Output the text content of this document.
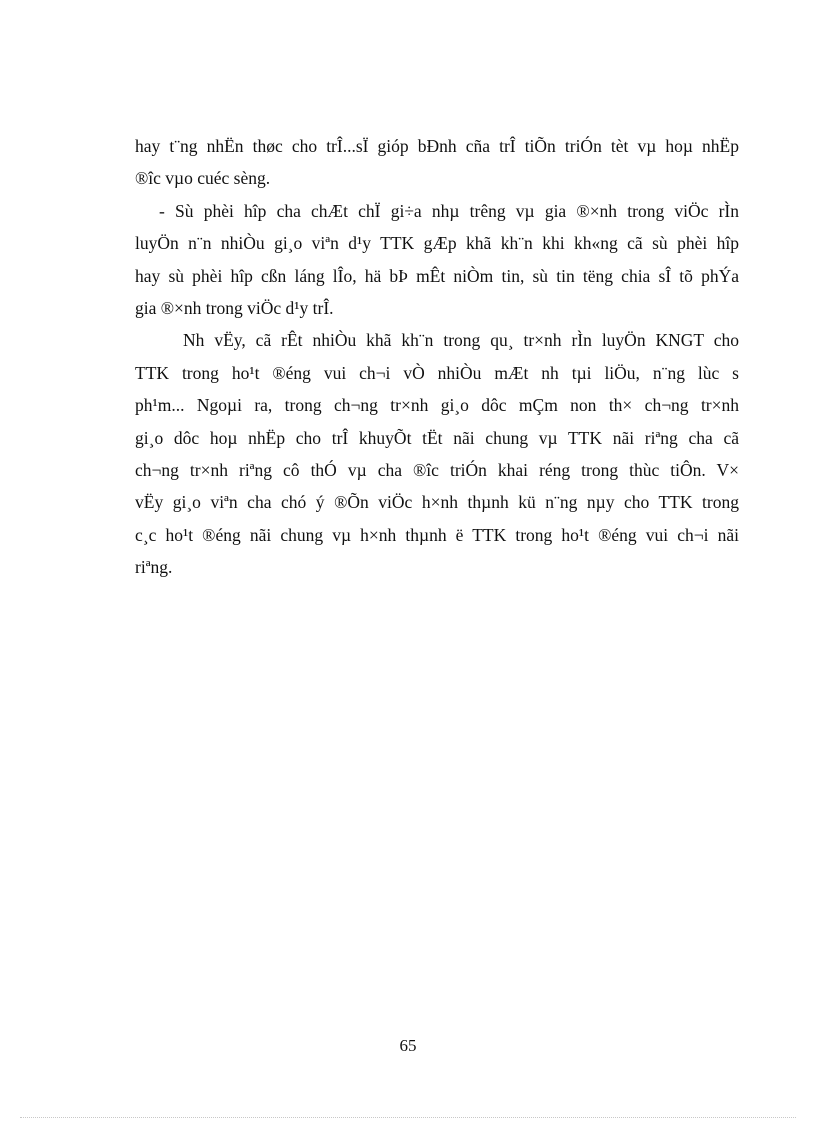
hay t¨ng nhËn thøc cho trÎ...sÏ gióp bÐnh cña trÎ tiÕn triÓn tèt vµ hoµ nhËp
®îc vµo cuéc sèng.
- Sù phèi hîp cha chÆt chÏ gi÷a nhµ trêng vµ gia ®×nh trong viÖc rÌn
luyÖn n¨n nhiÒu gi¸o viªn d¹y TTK gÆp khã kh¨n khi kh«ng cã sù phèi hîp
hay sù phèi hîp cßn láng lÎo, hä bÞ mÊt niÒm tin, sù tin tëng chia sÎ tõ phÝa
gia ®×nh trong viÖc d¹y trÎ.
Nh vËy, cã rÊt nhiÒu khã kh¨n trong qu¸ tr×nh rÌn luyÖn KNGT cho
TTK trong ho¹t ®éng vui ch¬i vÒ nhiÒu mÆt nh tµi liÖu, n¨ng lùc s
ph¹m... Ngoµi ra, trong ch¬ng tr×nh gi¸o dôc mÇm non th× ch¬ng tr×nh
gi¸o dôc hoµ nhËp cho trÎ khuyÕt tËt nãi chung vµ TTK nãi riªng cha cã
ch¬ng tr×nh riªng cô thÓ vµ cha ®îc triÓn khai réng trong thùc tiÔn. V×
vËy gi¸o viªn cha chó ý ®Õn viÖc h×nh thµnh kü n¨ng nµy cho TTK trong
c¸c ho¹t ®éng nãi chung vµ h×nh thµnh ë TTK trong ho¹t ®éng vui ch¬i nãi
riªng.
65
